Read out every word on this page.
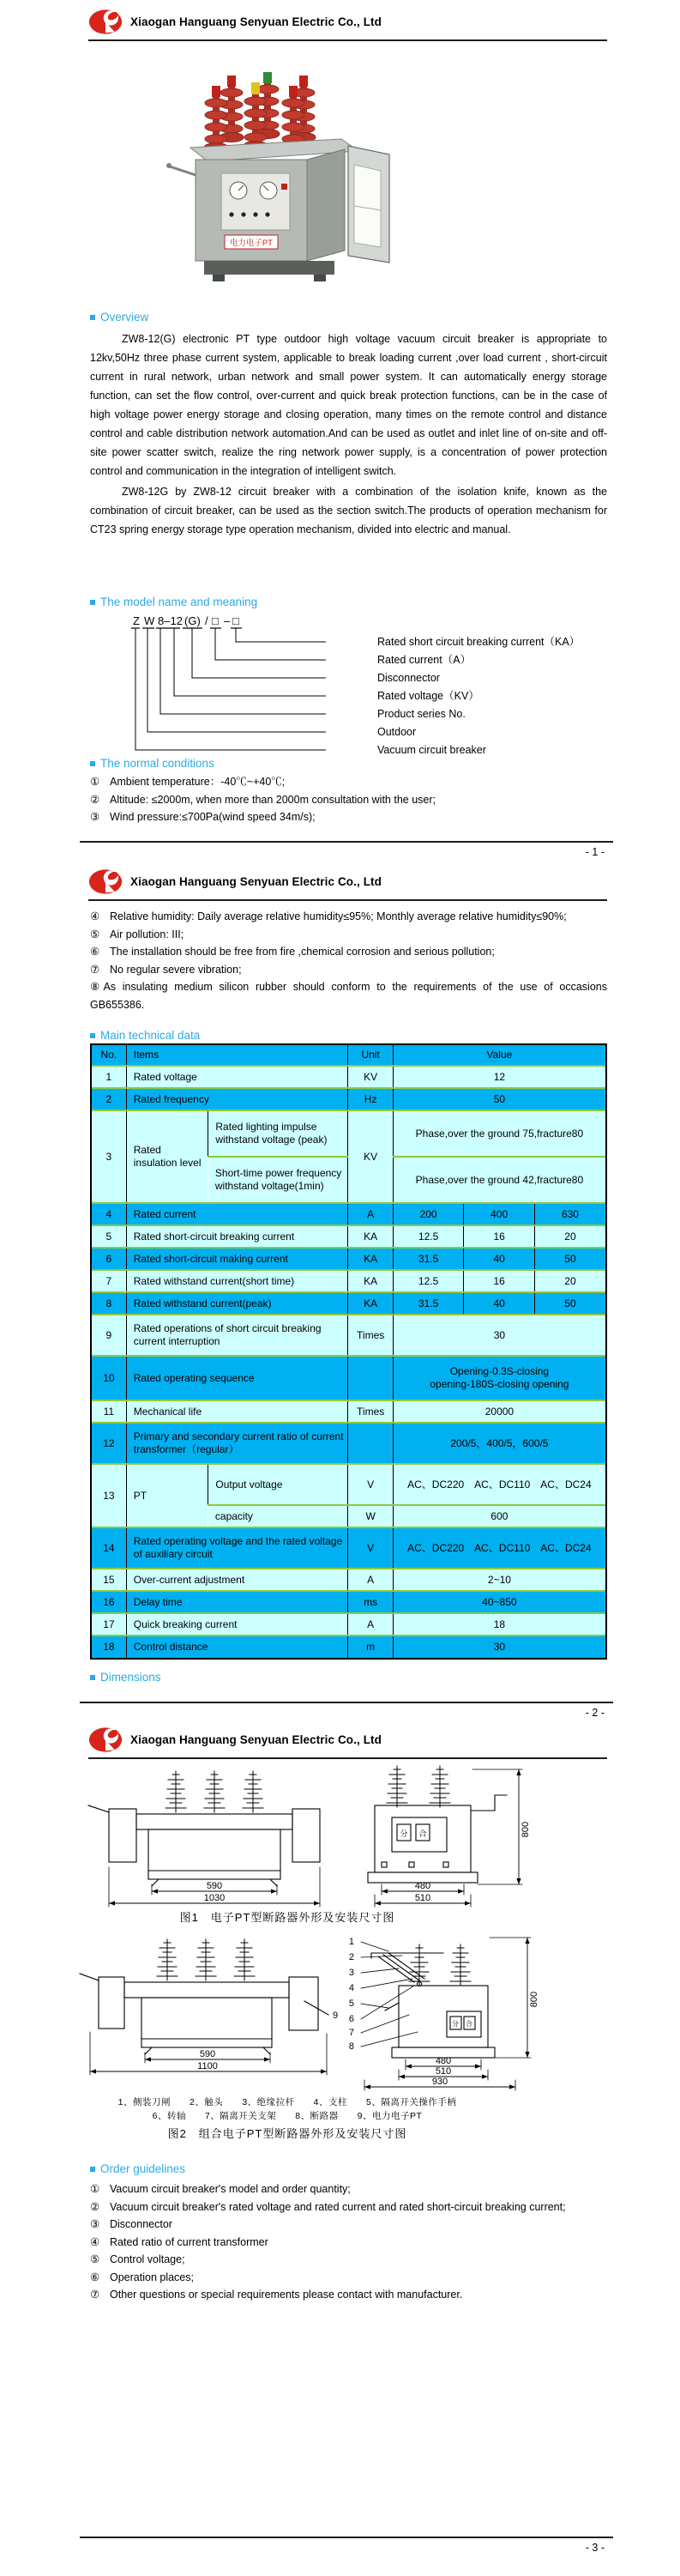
Xiaogan Hanguang Senyuan Electric Co., Ltd
电力电子PT
Overview

ZW8-12(G) electronic PT type outdoor high voltage vacuum circuit breaker is appropriate to 12kv,50Hz three phase current system, applicable to break loading current ,over load current , short-circuit current in rural network, urban network and small power system. It can automatically energy storage function, can set the flow control, over-current and quick break protection functions, can be in the case of high voltage power energy storage and closing operation, many times on the remote control and distance control and cable distribution network automation.And can be used as outlet and inlet line of on-site and off-site power scatter switch, realize the ring network power supply, is a concentration of power protection control and communication in the integration of intelligent switch.

ZW8-12G by ZW8-12 circuit breaker with a combination of the isolation knife, known as the combination of circuit breaker, can be used as the section switch.The products of operation mechanism for CT23 spring energy storage type operation mechanism, divided into electric and manual.

The model name and meaning
Z W 8–12 (G) / □ – □
Rated short circuit breaking current（KA）
Rated current（A）
Disconnector
Rated voltage（KV）
Product series No.
Outdoor
Vacuum circuit breaker
The normal conditions
① Ambient temperature：-40℃~+40℃;
② Altitude: ≤2000m, when more than 2000m consultation with the user;
③ Wind pressure:≤700Pa(wind speed 34m/s);
- 1 -
Xiaogan Hanguang Senyuan Electric Co., Ltd
④ Relative humidity: Daily average relative humidity≤95%; Monthly average relative humidity≤90%;
⑤ Air pollution: III;
⑥ The installation should be free from fire ,chemical corrosion and serious pollution;
⑦ No regular severe vibration;
⑧As insulating medium silicon rubber should conform to the requirements of the use of occasions GB655386.
Main technical data
No.	Items		Unit	Value		
1	Rated voltage		KV	12		
2	Rated frequency		Hz	50		
3	Rated insulation level	Rated lighting impulse withstand voltage (peak)	KV	Phase,over the ground 75,fracture80		
		Short-time power frequency withstand voltage(1min)		Phase,over the ground 42,fracture80		
4	Rated current		A	200	400	630
5	Rated short-circuit breaking current		KA	12.5	16	20
6	Rated short-circuit making current		KA	31.5	40	50
7	Rated withstand current(short time)		KA	12.5	16	20
8	Rated withstand current(peak)		KA	31.5	40	50
9	Rated operations of short circuit breaking current interruption		Times	30		
10	Rated operating sequence			Opening-0.3S-closing
opening-180S-closing opening		

11	Mechanical life		Times	20000		
12	Primary and secondary current ratio of current transformer（regular）			200/5，400/5，600/5		
13	PT	Output voltage	V	AC、DC220　AC、DC110　AC、DC24		
		capacity	W	600		
14	Rated operating voltage and the rated voltage of auxiliary circuit		V	AC、DC220　AC、DC110　AC、DC24		
15	Over-current adjustment		A	2~10		
16	Delay time		ms	40~850		
17	Quick breaking current		A	18		
18	Control distance		m	30		
Dimensions
- 2 -
Xiaogan Hanguang Senyuan Electric Co., Ltd
590
1030
分 合	800
480
510
图1　电子PT型断路器外形及安装尺寸图
9
590
1100
分 合
1
2
3
4
5
6
7
8
800
480
510
930
1、侧装刀闸　　2、触头　　3、绝缘拉杆　　4、支柱　　5、隔离开关操作手柄
6、转轴　　7、隔离开关支架　　8、断路器　　9、电力电子PT
图2　组合电子PT型断路器外形及安装尺寸图
Order guidelines
① Vacuum circuit breaker's model and order quantity;
② Vacuum circuit breaker's rated voltage and rated current and rated short-circuit breaking current;
③ Disconnector
④ Rated ratio of current transformer
⑤ Control voltage;
⑥ Operation places;
⑦ Other questions or special requirements please contact with manufacturer.
- 3 -
